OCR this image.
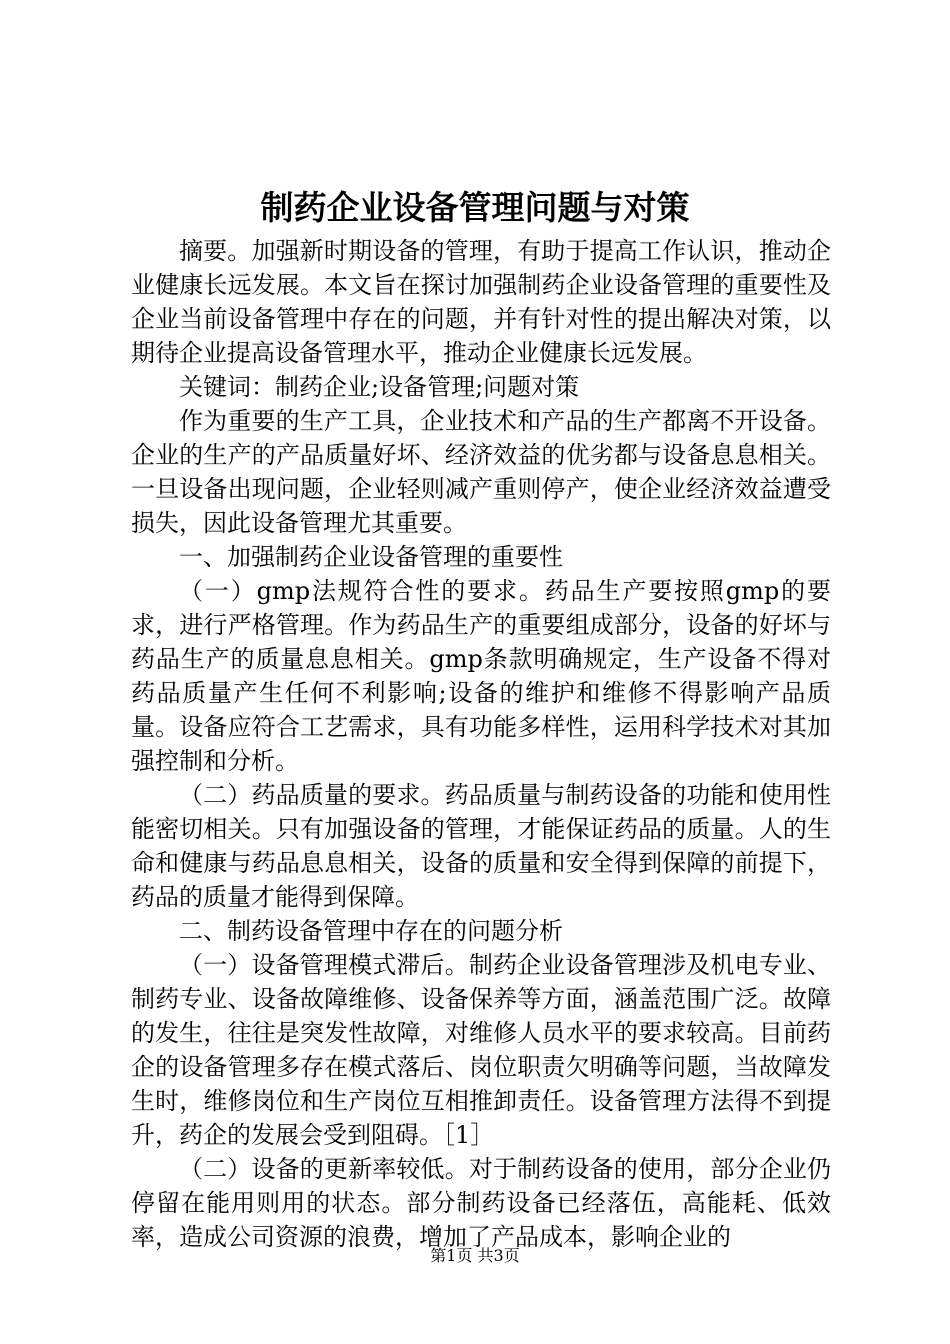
制药企业设备管理问题与对策

摘要。加强新时期设备的管理，有助于提高工作认识，推动企业健康长远发展。本文旨在探讨加强制药企业设备管理的重要性及企业当前设备管理中存在的问题，并有针对性的提出解决对策，以期待企业提高设备管理水平，推动企业健康长远发展。

关键词：制药企业;设备管理;问题对策

作为重要的生产工具，企业技术和产品的生产都离不开设备。企业的生产的产品质量好坏、经济效益的优劣都与设备息息相关。一旦设备出现问题，企业轻则减产重则停产，使企业经济效益遭受损失，因此设备管理尤其重要。

一、加强制药企业设备管理的重要性

（一）gmp法规符合性的要求。药品生产要按照gmp的要求，进行严格管理。作为药品生产的重要组成部分，设备的好坏与药品生产的质量息息相关。gmp条款明确规定，生产设备不得对药品质量产生任何不利影响;设备的维护和维修不得影响产品质量。设备应符合工艺需求，具有功能多样性，运用科学技术对其加强控制和分析。

（二）药品质量的要求。药品质量与制药设备的功能和使用性能密切相关。只有加强设备的管理，才能保证药品的质量。人的生命和健康与药品息息相关，设备的质量和安全得到保障的前提下，药品的质量才能得到保障。

二、制药设备管理中存在的问题分析

（一）设备管理模式滞后。制药企业设备管理涉及机电专业、制药专业、设备故障维修、设备保养等方面，涵盖范围广泛。故障的发生，往往是突发性故障，对维修人员水平的要求较高。目前药企的设备管理多存在模式落后、岗位职责欠明确等问题，当故障发生时，维修岗位和生产岗位互相推卸责任。设备管理方法得不到提升，药企的发展会受到阻碍。［1］

（二）设备的更新率较低。对于制药设备的使用，部分企业仍停留在能用则用的状态。部分制药设备已经落伍，高能耗、低效率，造成公司资源的浪费，增加了产品成本，影响企业的

第1页 共3页
